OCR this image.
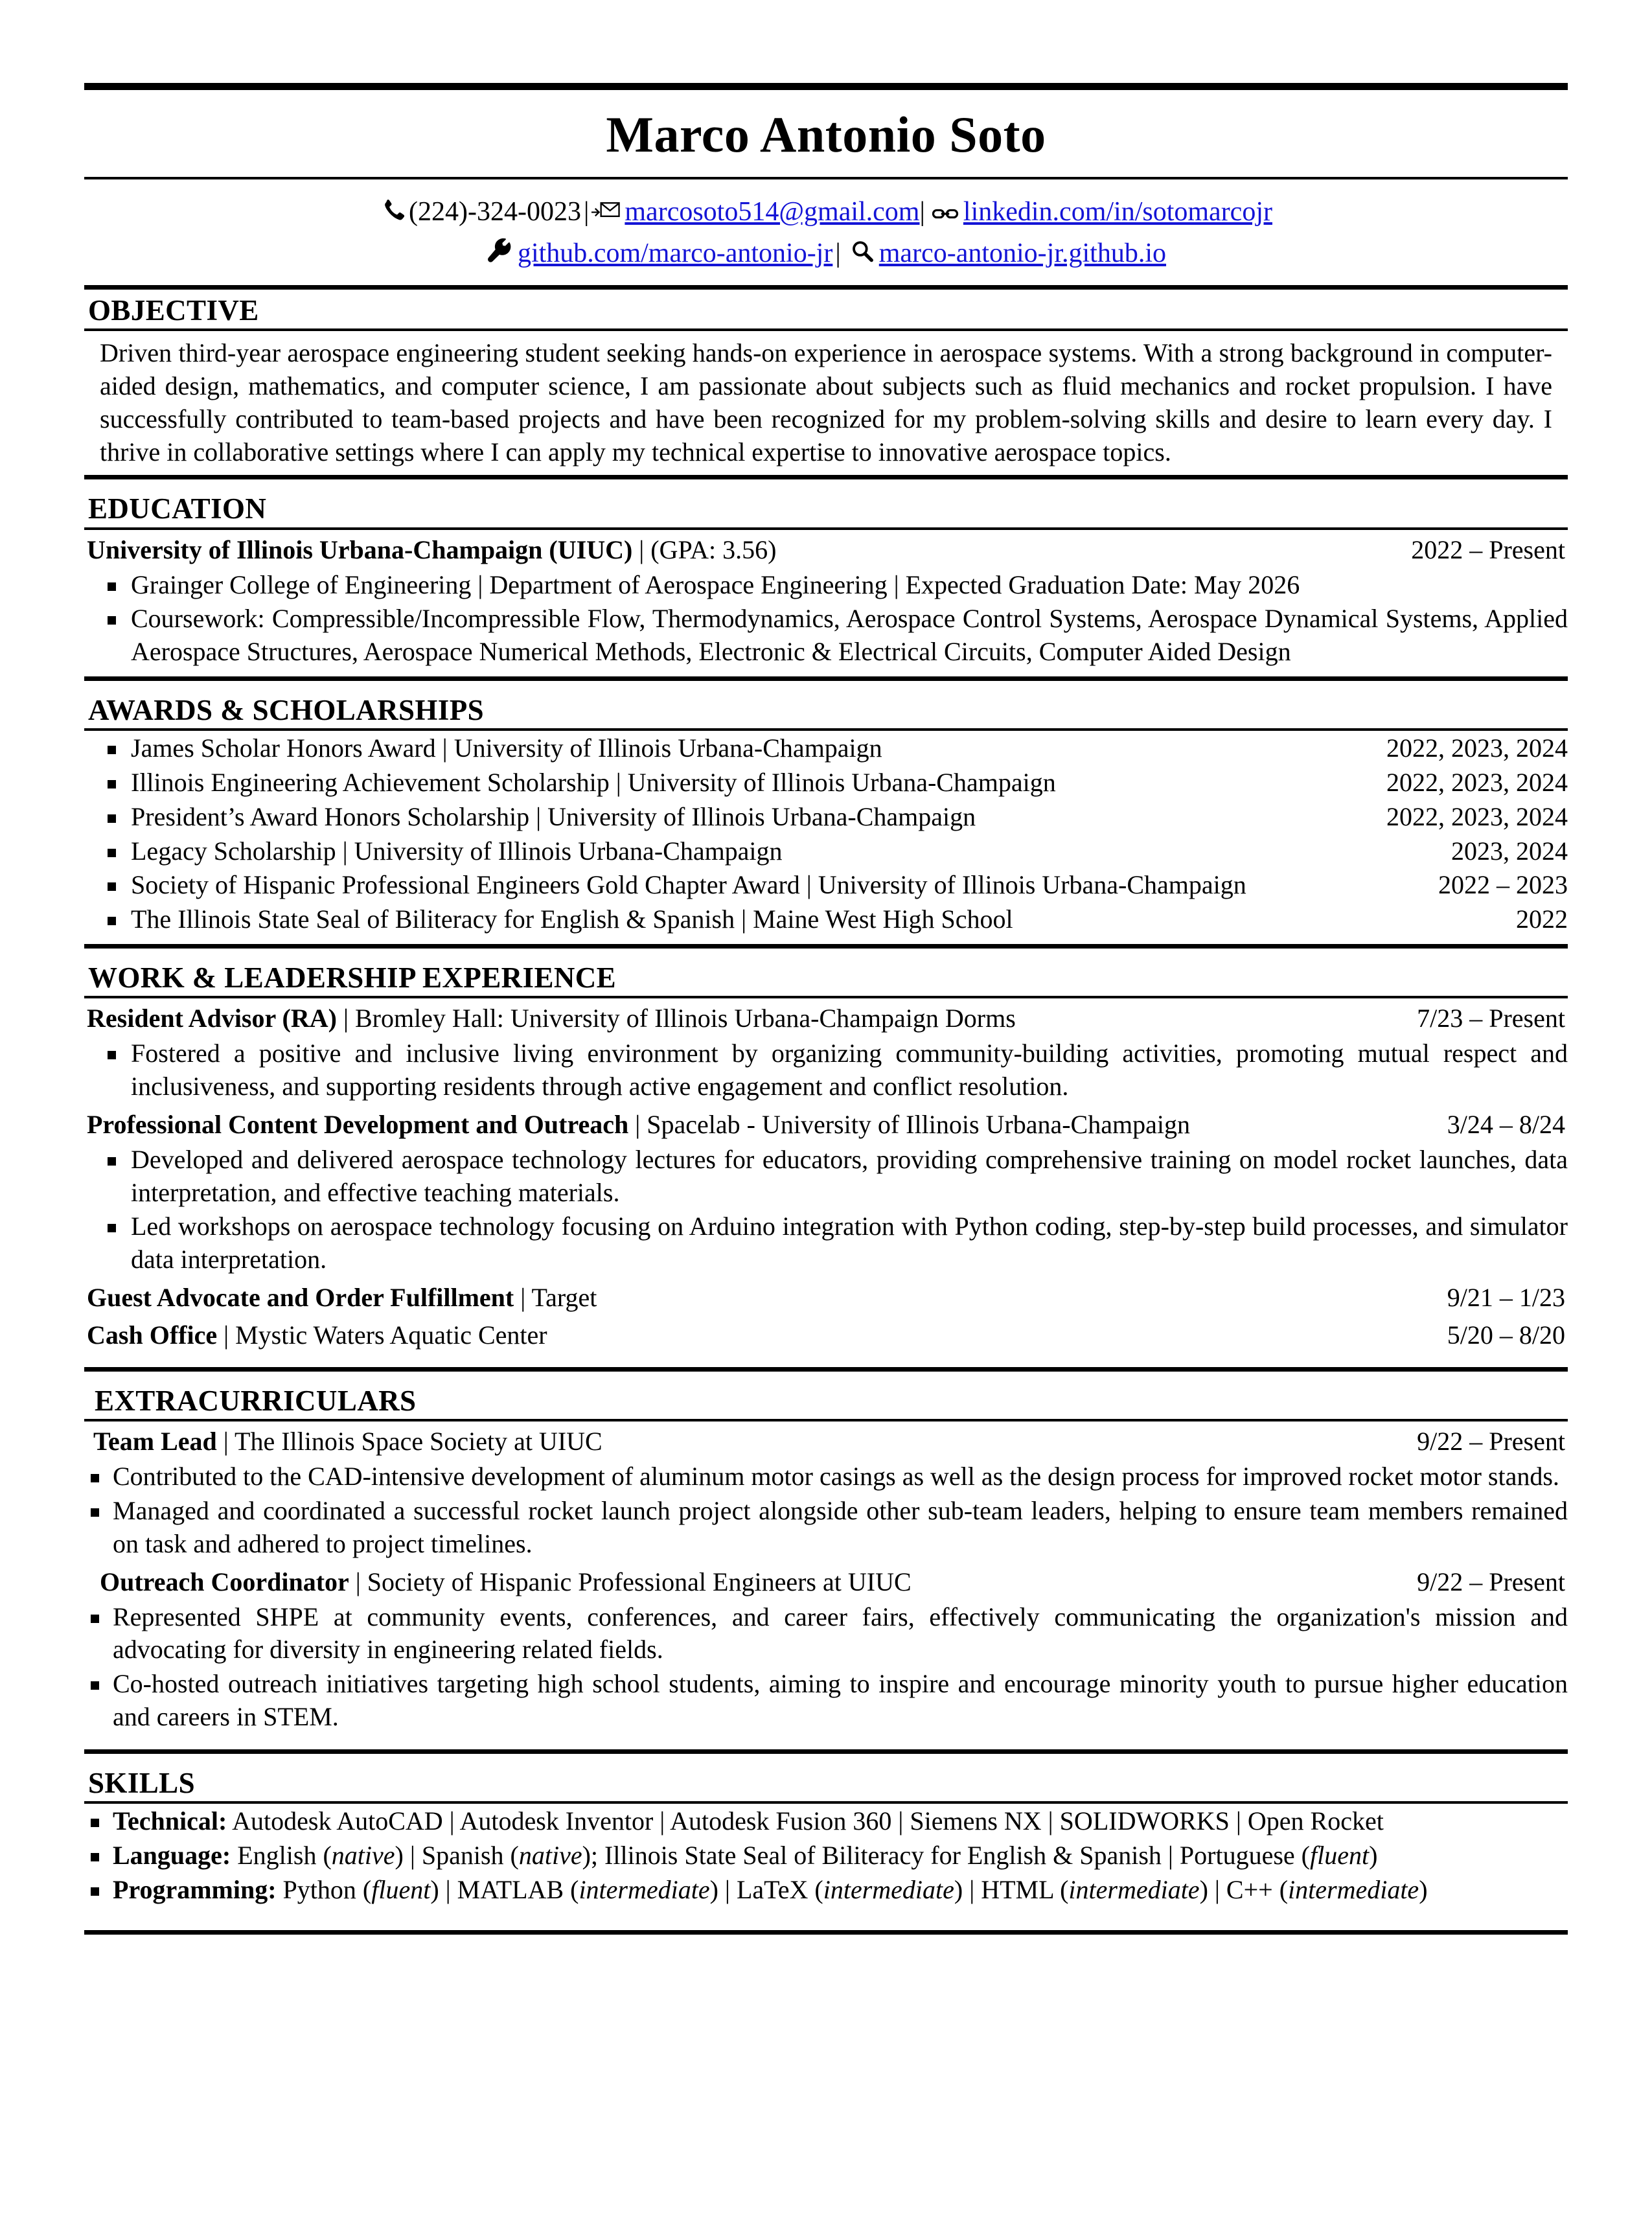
Marco Antonio Soto
(224)-324-0023| marcosoto514@gmail.com| linkedin.com/in/sotomarcojr
github.com/marco-antonio-jr| marco-antonio-jr.github.io
OBJECTIVE
Driven third-year aerospace engineering student seeking hands-on experience in aerospace systems. With a strong background in computer-aided design, mathematics, and computer science, I am passionate about subjects such as fluid mechanics and rocket propulsion. I have successfully contributed to team-based projects and have been recognized for my problem-solving skills and desire to learn every day. I thrive in collaborative settings where I can apply my technical expertise to innovative aerospace topics.
EDUCATION
University of Illinois Urbana-Champaign (UIUC) | (GPA: 3.56)	2022 – Present
Grainger College of Engineering | Department of Aerospace Engineering | Expected Graduation Date: May 2026
Coursework: Compressible/Incompressible Flow, Thermodynamics, Aerospace Control Systems, Aerospace Dynamical Systems, Applied Aerospace Structures, Aerospace Numerical Methods, Electronic & Electrical Circuits, Computer Aided Design
AWARDS & SCHOLARSHIPS
James Scholar Honors Award | University of Illinois Urbana-Champaign	2022, 2023, 2024
Illinois Engineering Achievement Scholarship | University of Illinois Urbana-Champaign	2022, 2023, 2024
President’s Award Honors Scholarship | University of Illinois Urbana-Champaign	2022, 2023, 2024
Legacy Scholarship | University of Illinois Urbana-Champaign	2023, 2024
Society of Hispanic Professional Engineers Gold Chapter Award | University of Illinois Urbana-Champaign	2022 – 2023
The Illinois State Seal of Biliteracy for English & Spanish | Maine West High School	2022
WORK & LEADERSHIP EXPERIENCE
Resident Advisor (RA) | Bromley Hall: University of Illinois Urbana-Champaign Dorms	7/23 – Present
Fostered a positive and inclusive living environment by organizing community-building activities, promoting mutual respect and inclusiveness, and supporting residents through active engagement and conflict resolution.
Professional Content Development and Outreach | Spacelab - University of Illinois Urbana-Champaign	3/24 – 8/24
Developed and delivered aerospace technology lectures for educators, providing comprehensive training on model rocket launches, data interpretation, and effective teaching materials.
Led workshops on aerospace technology focusing on Arduino integration with Python coding, step-by-step build processes, and simulator data interpretation.
Guest Advocate and Order Fulfillment | Target	9/21 – 1/23
Cash Office | Mystic Waters Aquatic Center	5/20 – 8/20
EXTRACURRICULARS
Team Lead | The Illinois Space Society at UIUC	9/22 – Present
Contributed to the CAD-intensive development of aluminum motor casings as well as the design process for improved rocket motor stands.
Managed and coordinated a successful rocket launch project alongside other sub-team leaders, helping to ensure team members remained on task and adhered to project timelines.
Outreach Coordinator | Society of Hispanic Professional Engineers at UIUC	9/22 – Present
Represented SHPE at community events, conferences, and career fairs, effectively communicating the organization's mission and advocating for diversity in engineering related fields.
Co-hosted outreach initiatives targeting high school students, aiming to inspire and encourage minority youth to pursue higher education and careers in STEM.
SKILLS
Technical: Autodesk AutoCAD | Autodesk Inventor | Autodesk Fusion 360 | Siemens NX | SOLIDWORKS | Open Rocket
Language: English (native) | Spanish (native); Illinois State Seal of Biliteracy for English & Spanish | Portuguese (fluent)
Programming: Python (fluent) | MATLAB (intermediate) | LaTeX (intermediate) | HTML (intermediate) | C++ (intermediate)
